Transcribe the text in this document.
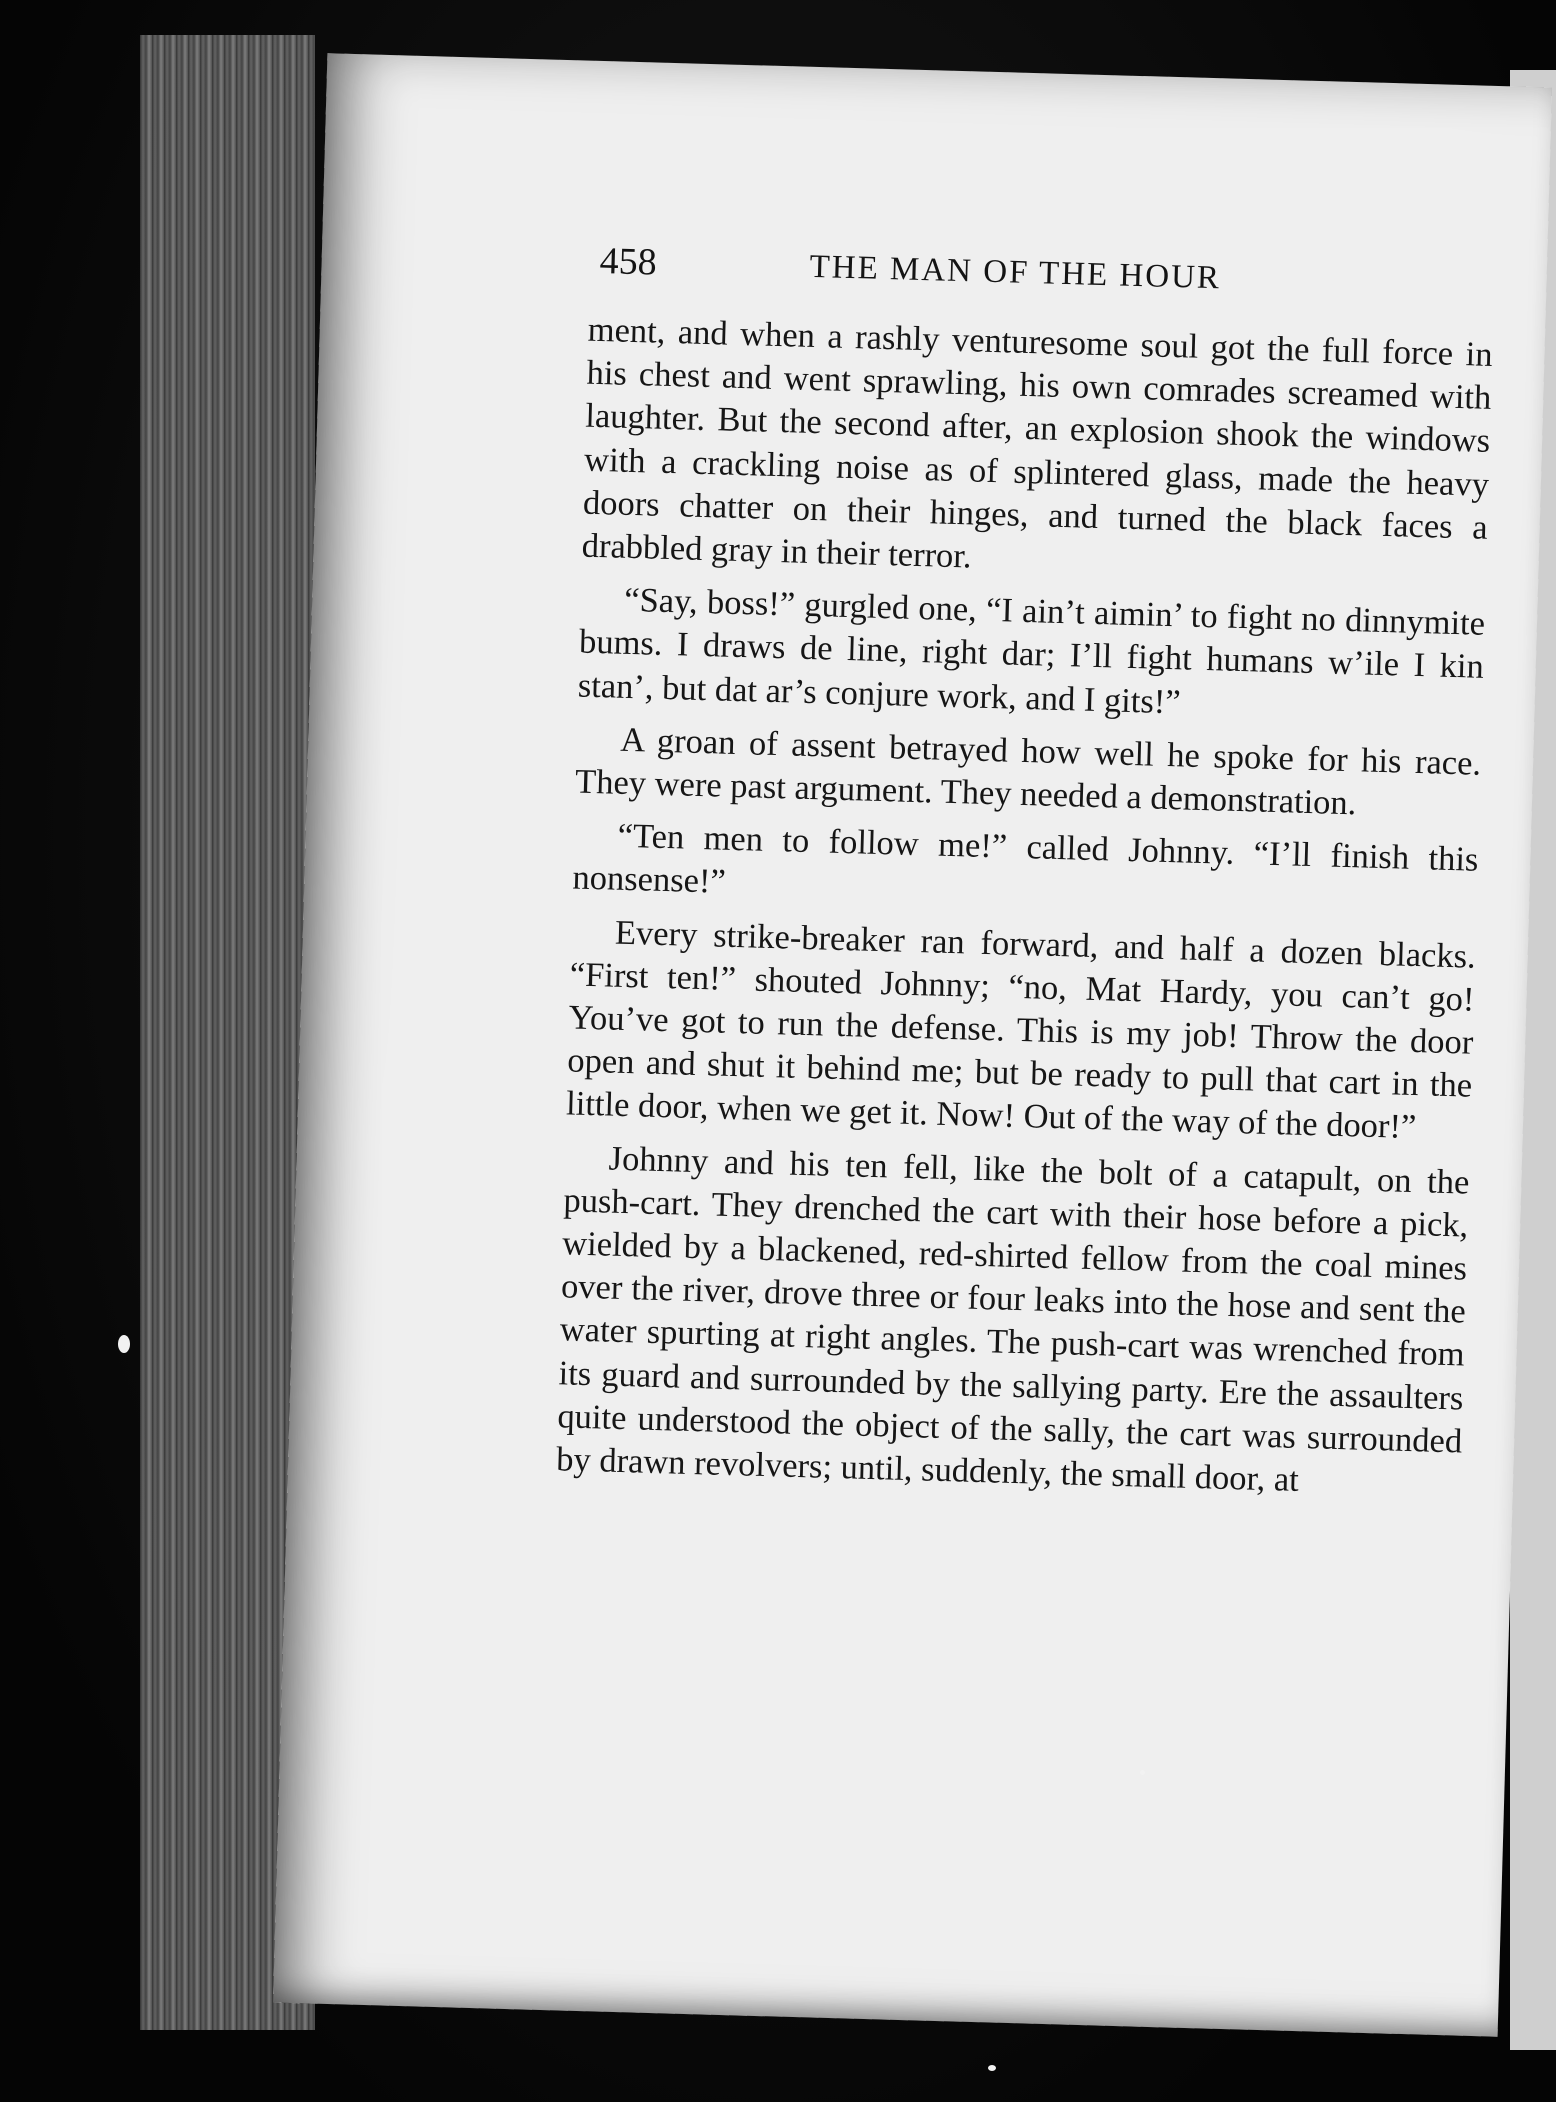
458	THE MAN OF THE HOUR

ment, and when a rashly venturesome soul got the full force in his chest and went sprawling, his own comrades screamed with laughter. But the second after, an explosion shook the windows with a crackling noise as of splintered glass, made the heavy doors chatter on their hinges, and turned the black faces a drabbled gray in their terror.

“Say, boss!” gurgled one, “I ain’t aimin’ to fight no dinnymite bums. I draws de line, right dar; I’ll fight humans w’ile I kin stan’, but dat ar’s conjure work, and I gits!”

A groan of assent betrayed how well he spoke for his race. They were past argument. They needed a demonstration.

“Ten men to follow me!” called Johnny. “I’ll finish this nonsense!”

Every strike-breaker ran forward, and half a dozen blacks. “First ten!” shouted Johnny; “no, Mat Hardy, you can’t go! You’ve got to run the defense. This is my job! Throw the door open and shut it behind me; but be ready to pull that cart in the little door, when we get it. Now! Out of the way of the door!”

Johnny and his ten fell, like the bolt of a catapult, on the push-cart. They drenched the cart with their hose before a pick, wielded by a blackened, red-shirted fellow from the coal mines over the river, drove three or four leaks into the hose and sent the water spurting at right angles. The push-cart was wrenched from its guard and surrounded by the sallying party. Ere the assaulters quite understood the object of the sally, the cart was surrounded by drawn revolvers; until, suddenly, the small door, at
